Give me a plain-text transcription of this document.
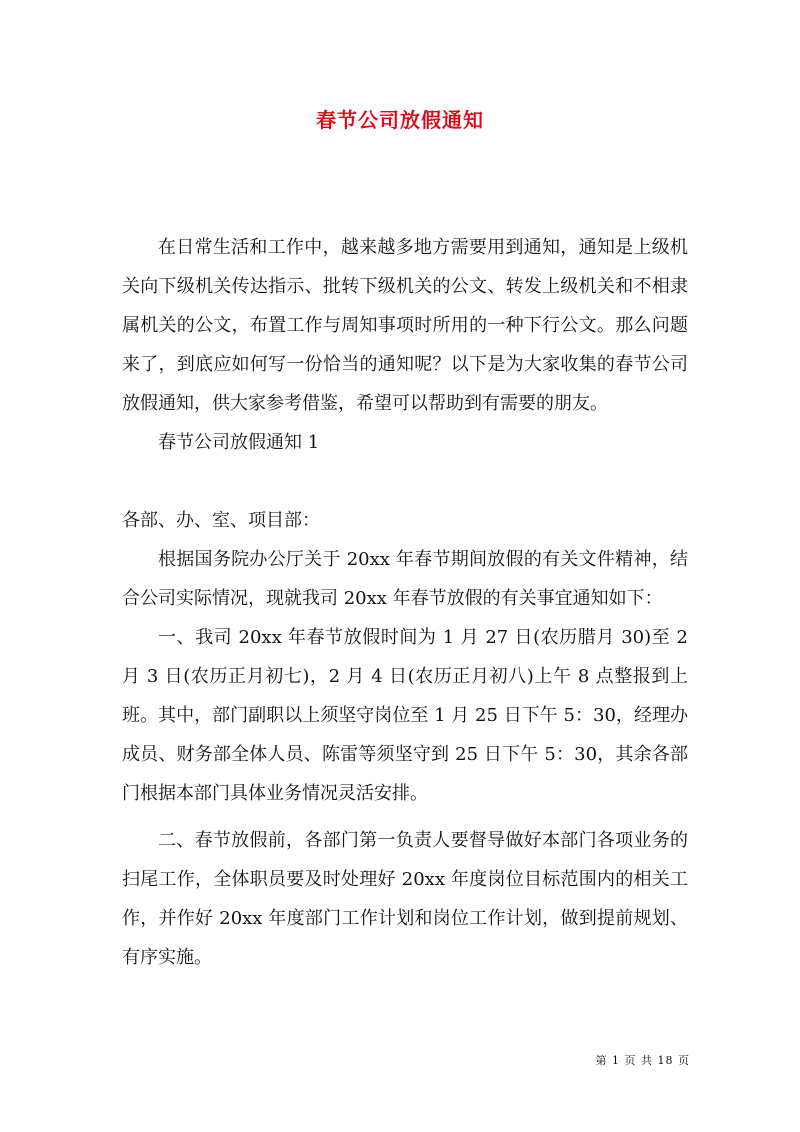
春节公司放假通知

在日常生活和工作中，越来越多地方需要用到通知，通知是上级机关向下级机关传达指示、批转下级机关的公文、转发上级机关和不相隶属机关的公文，布置工作与周知事项时所用的一种下行公文。那么问题来了，到底应如何写一份恰当的通知呢？以下是为大家收集的春节公司放假通知，供大家参考借鉴，希望可以帮助到有需要的朋友。

春节公司放假通知 1

各部、办、室、项目部：

根据国务院办公厅关于 20xx 年春节期间放假的有关文件精神，结合公司实际情况，现就我司 20xx 年春节放假的有关事宜通知如下：

一、我司 20xx 年春节放假时间为 1 月 27 日(农历腊月 30)至 2 月 3 日(农历正月初七)，2 月 4 日(农历正月初八)上午 8 点整报到上班。其中，部门副职以上须坚守岗位至 1 月 25 日下午 5：30，经理办成员、财务部全体人员、陈雷等须坚守到 25 日下午 5：30，其余各部门根据本部门具体业务情况灵活安排。

二、春节放假前，各部门第一负责人要督导做好本部门各项业务的扫尾工作，全体职员要及时处理好 20xx 年度岗位目标范围内的相关工作，并作好 20xx 年度部门工作计划和岗位工作计划，做到提前规划、有序实施。

第 1 页 共 18 页
